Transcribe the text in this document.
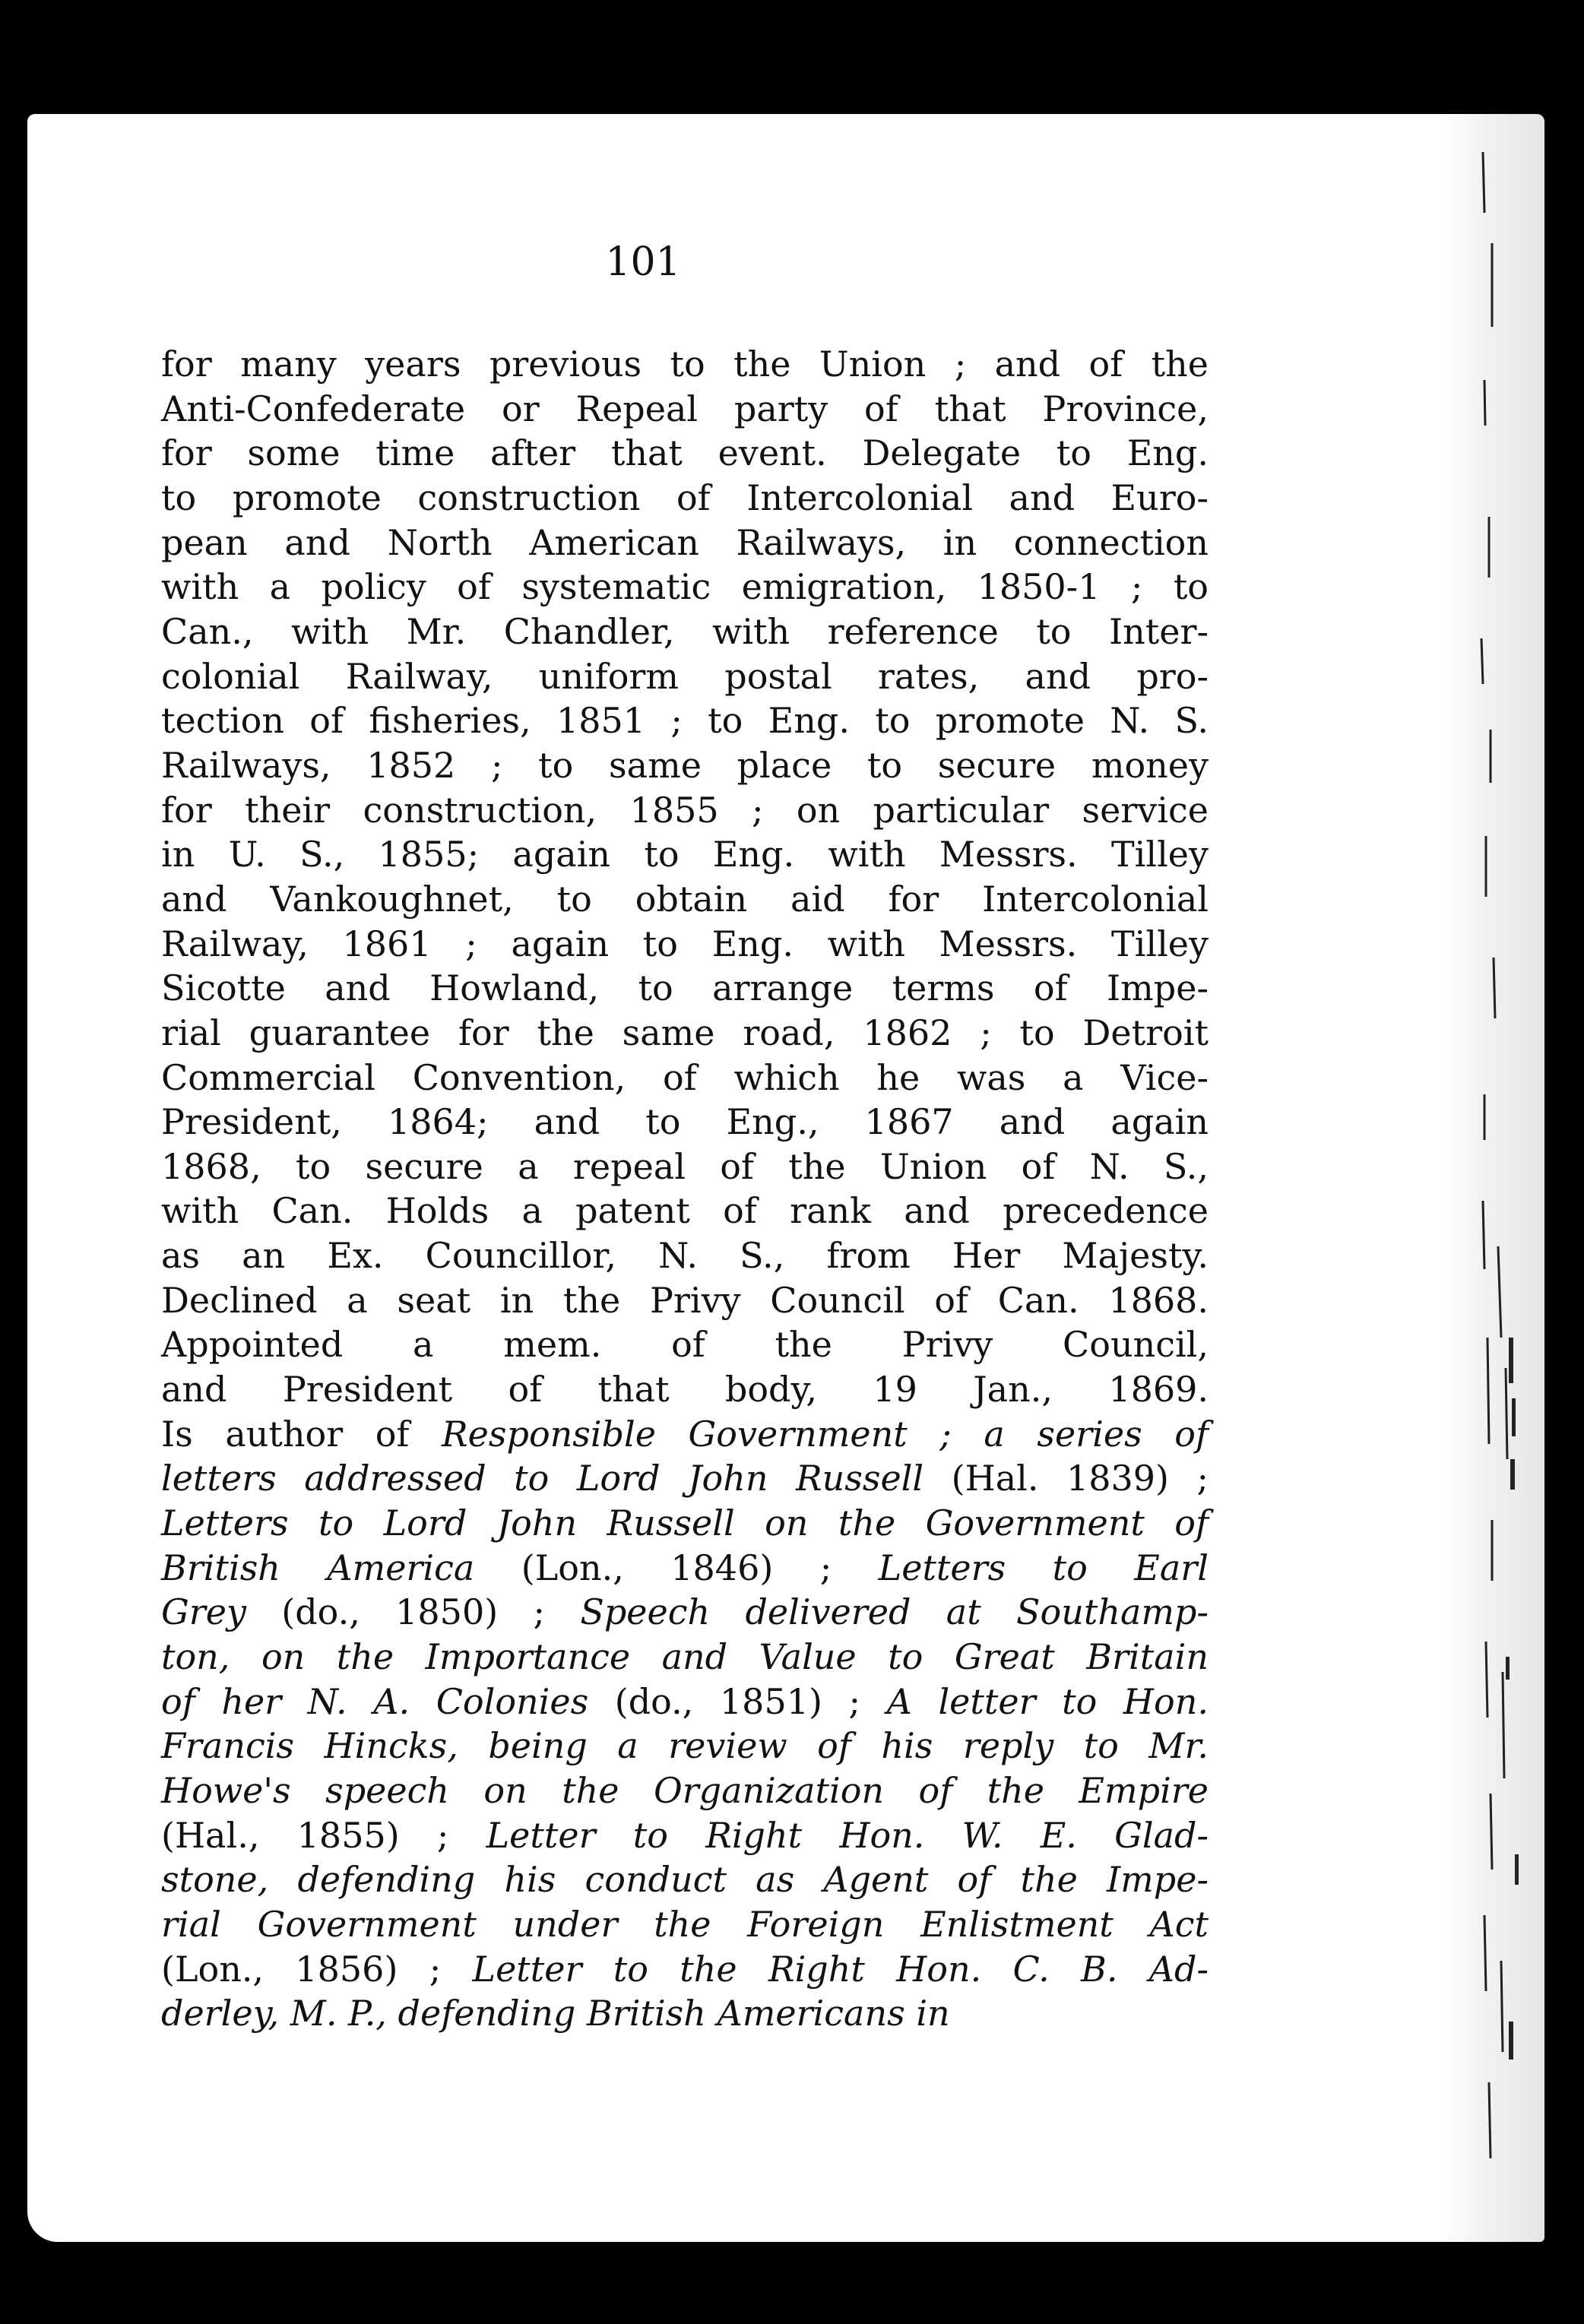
101
for many years previous to the Union ; and of the
Anti-Confederate or Repeal party of that Province,
for some time after that event. Delegate to Eng.
to promote construction of Intercolonial and Euro-
pean and North American Railways, in connection
with a policy of systematic emigration, 1850-1 ; to
Can., with Mr. Chandler, with reference to Inter-
colonial Railway, uniform postal rates, and pro-
tection of fisheries, 1851 ; to Eng. to promote N. S.
Railways, 1852 ; to same place to secure money
for their construction, 1855 ; on particular service
in U. S., 1855; again to Eng. with Messrs. Tilley
and Vankoughnet, to obtain aid for Intercolonial
Railway, 1861 ; again to Eng. with Messrs. Tilley
Sicotte and Howland, to arrange terms of Impe-
rial guarantee for the same road, 1862 ; to Detroit
Commercial Convention, of which he was a Vice-
President, 1864; and to Eng., 1867 and again
1868, to secure a repeal of the Union of N. S.,
with Can. Holds a patent of rank and precedence
as an Ex. Councillor, N. S., from Her Majesty.
Declined a seat in the Privy Council of Can. 1868.
Appointed a mem. of the Privy Council,
and President of that body, 19 Jan., 1869.
Is author of Responsible Government ; a series of
letters addressed to Lord John Russell (Hal. 1839) ;
Letters to Lord John Russell on the Government of
British America (Lon., 1846) ; Letters to Earl
Grey (do., 1850) ; Speech delivered at Southamp-
ton, on the Importance and Value to Great Britain
of her N. A. Colonies (do., 1851) ; A letter to Hon.
Francis Hincks, being a review of his reply to Mr.
Howe's speech on the Organization of the Empire
(Hal., 1855) ; Letter to Right Hon. W. E. Glad-
stone, defending his conduct as Agent of the Impe-
rial Government under the Foreign Enlistment Act
(Lon., 1856) ; Letter to the Right Hon. C. B. Ad-
derley, M. P., defending British Americans in
